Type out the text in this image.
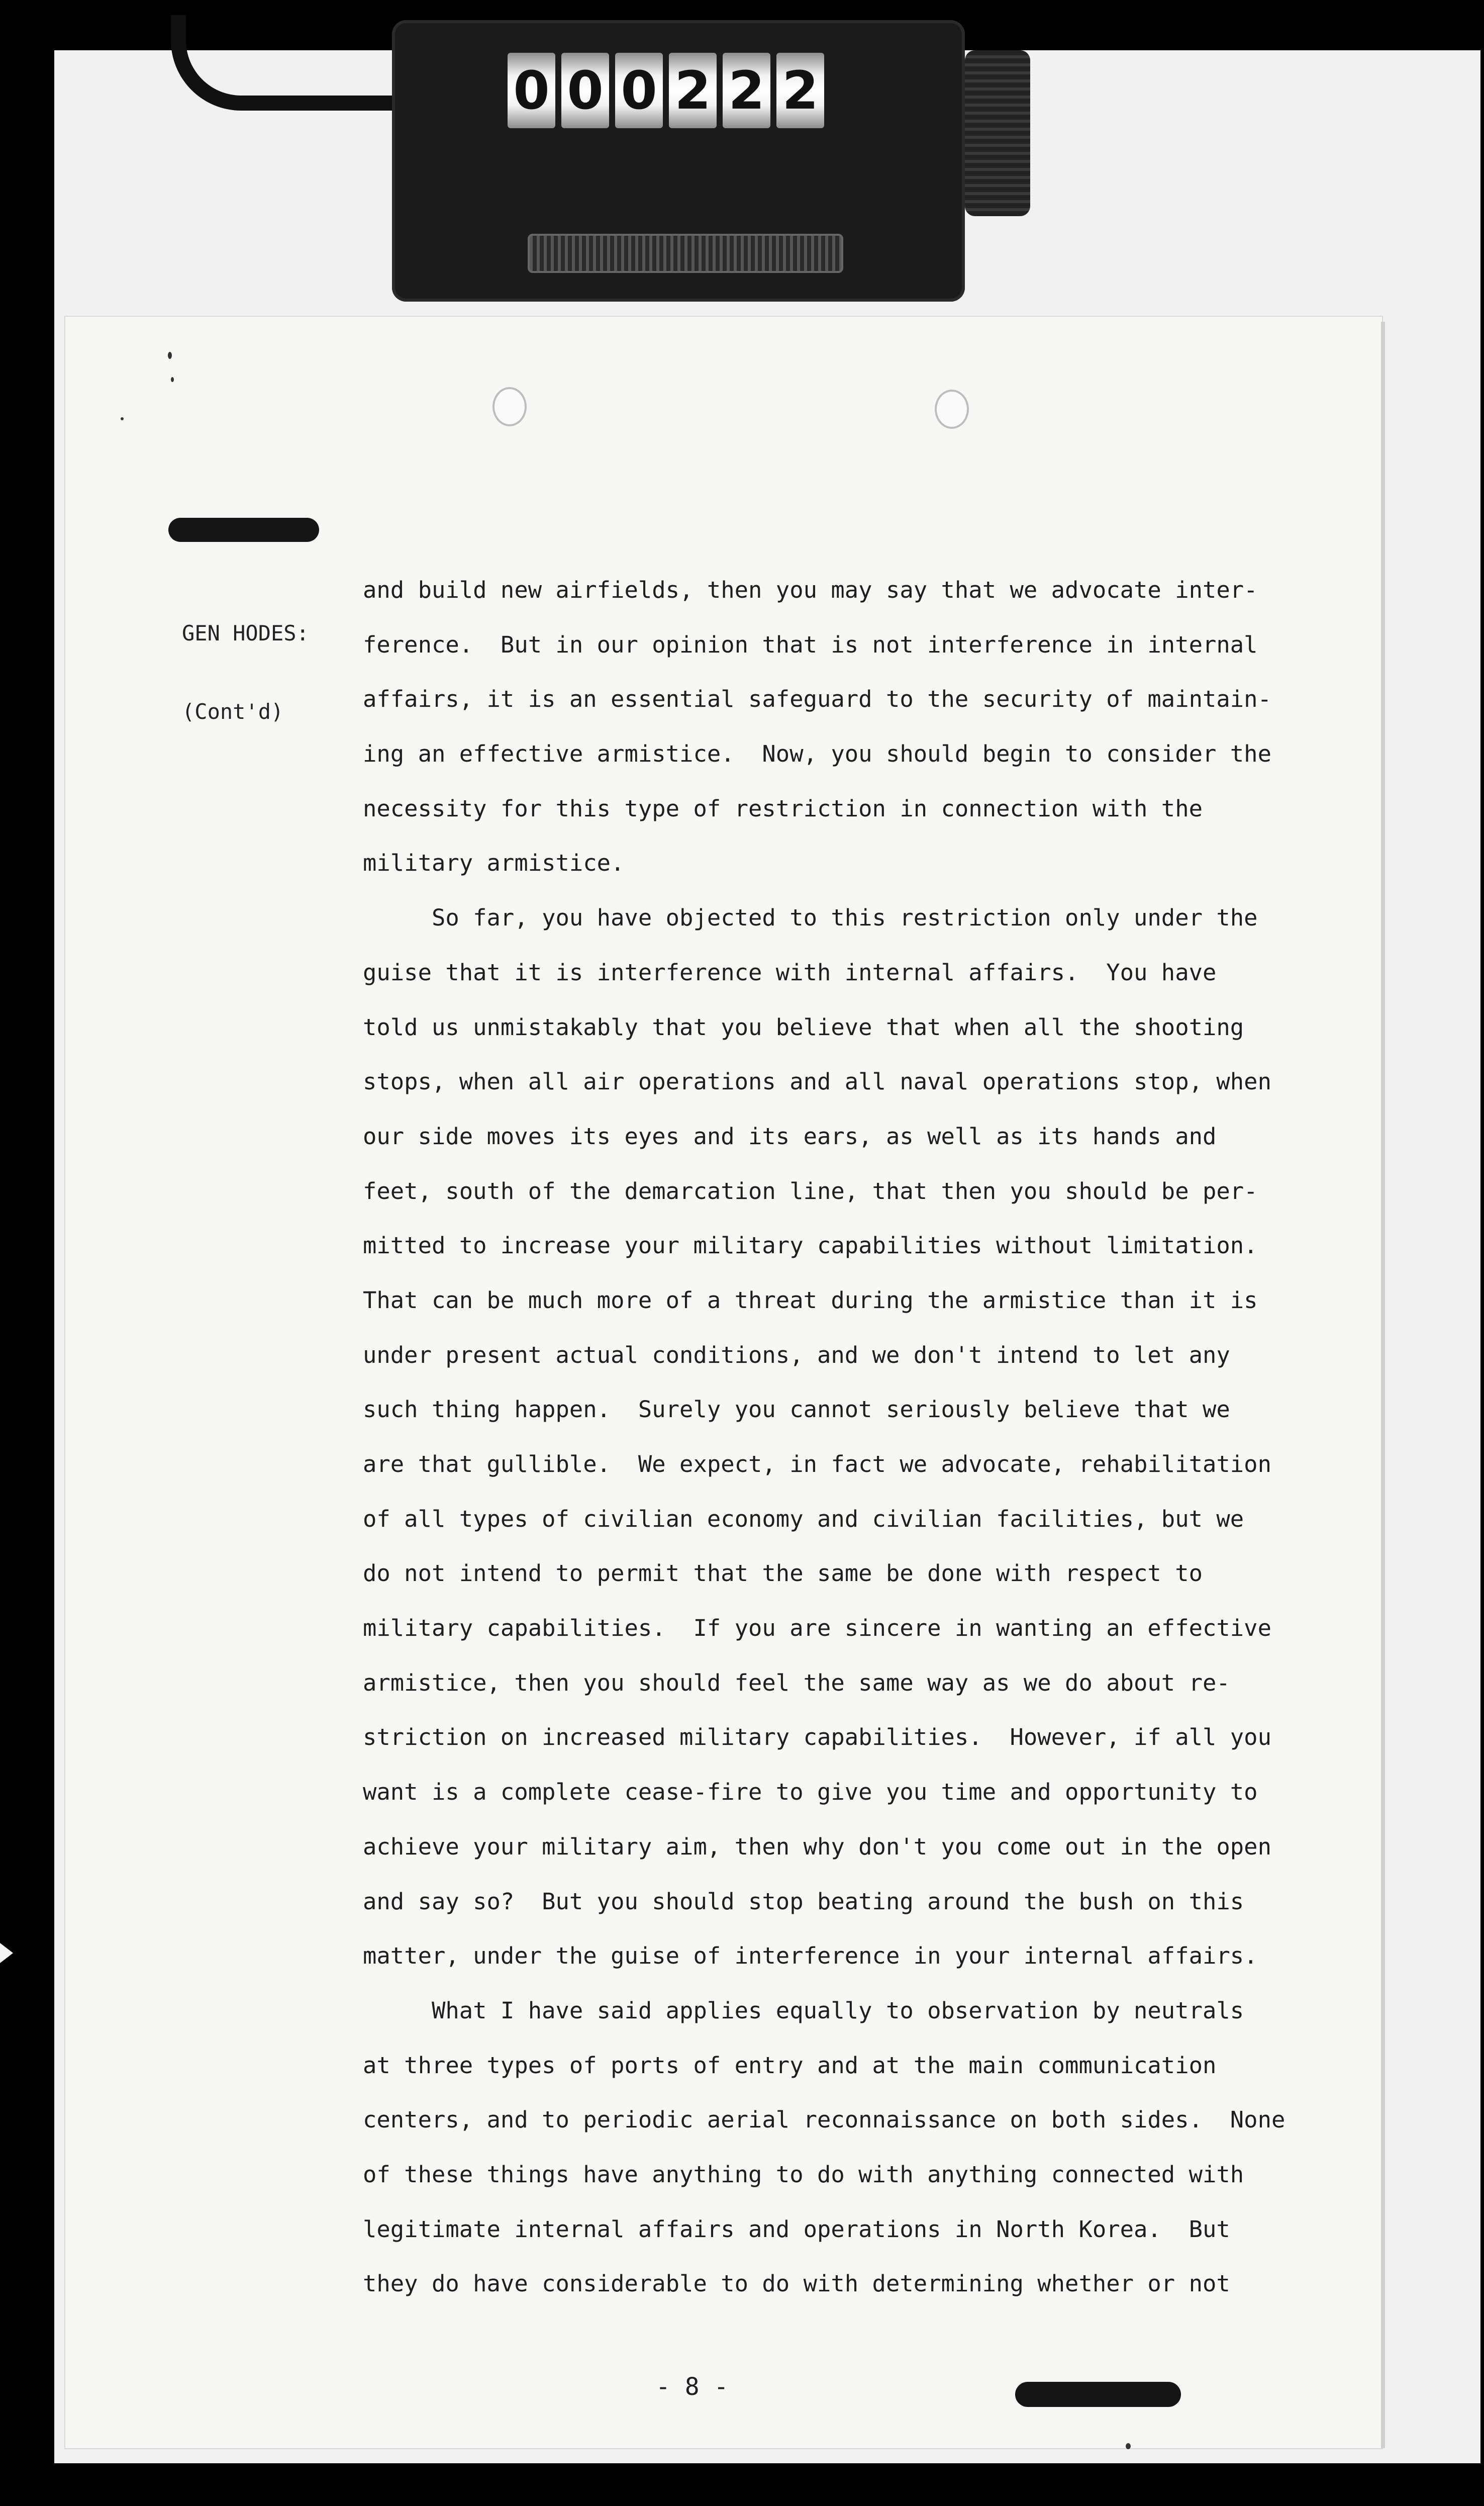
0 0 0 2 2 2

GEN HODES:

(Cont'd)

and build new airfields, then you may say that we advocate inter-
ference.  But in our opinion that is not interference in internal
affairs, it is an essential safeguard to the security of maintain-
ing an effective armistice.  Now, you should begin to consider the
necessity for this type of restriction in connection with the
military armistice.
So far, you have objected to this restriction only under the
guise that it is interference with internal affairs.  You have
told us unmistakably that you believe that when all the shooting
stops, when all air operations and all naval operations stop, when
our side moves its eyes and its ears, as well as its hands and
feet, south of the demarcation line, that then you should be per-
mitted to increase your military capabilities without limitation.
That can be much more of a threat during the armistice than it is
under present actual conditions, and we don't intend to let any
such thing happen.  Surely you cannot seriously believe that we
are that gullible.  We expect, in fact we advocate, rehabilitation
of all types of civilian economy and civilian facilities, but we
do not intend to permit that the same be done with respect to
military capabilities.  If you are sincere in wanting an effective
armistice, then you should feel the same way as we do about re-
striction on increased military capabilities.  However, if all you
want is a complete cease-fire to give you time and opportunity to
achieve your military aim, then why don't you come out in the open
and say so?  But you should stop beating around the bush on this
matter, under the guise of interference in your internal affairs.
What I have said applies equally to observation by neutrals
at three types of ports of entry and at the main communication
centers, and to periodic aerial reconnaissance on both sides.  None
of these things have anything to do with anything connected with
legitimate internal affairs and operations in North Korea.  But
they do have considerable to do with determining whether or not
- 8 -
